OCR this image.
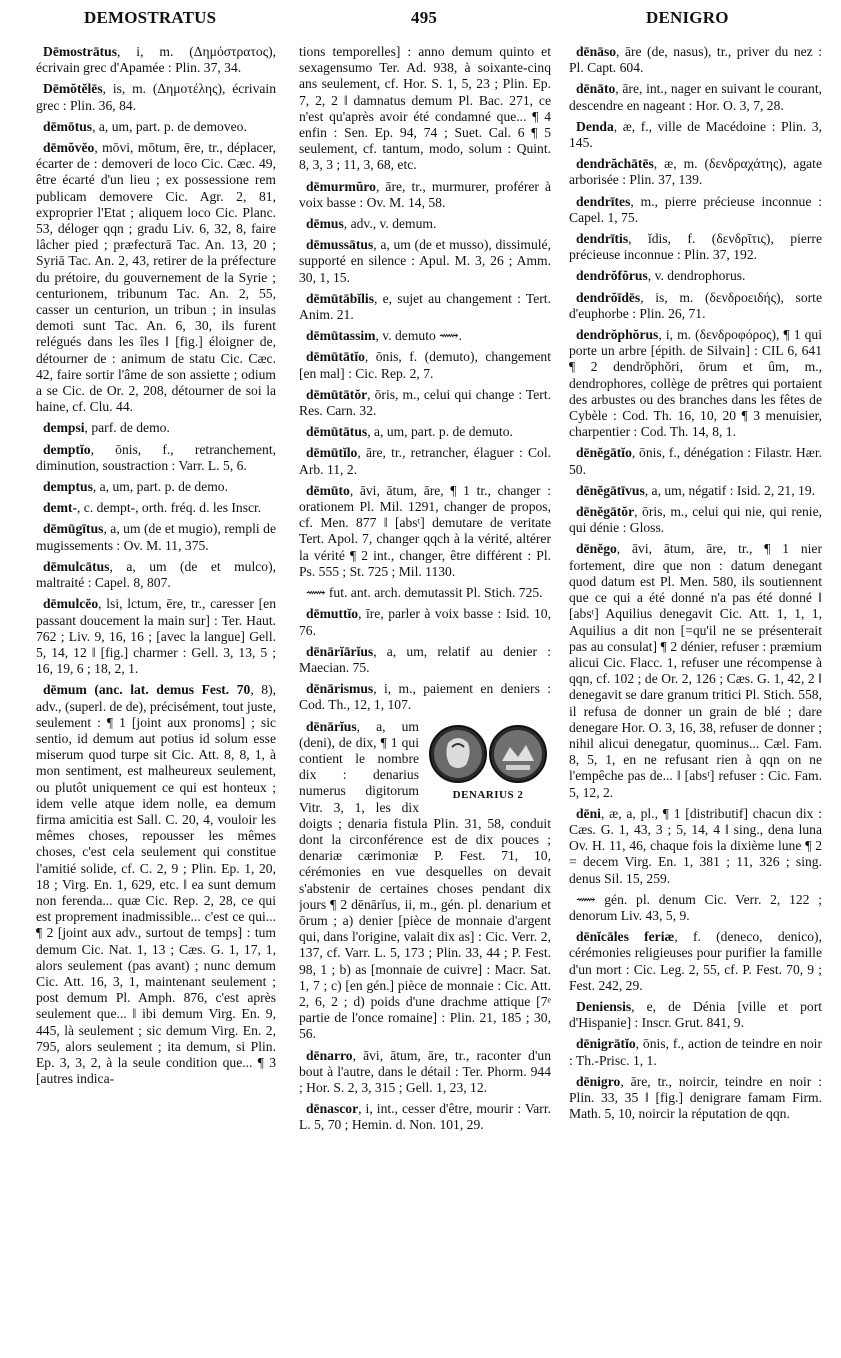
DEMOSTRATUS	495	DENIGRO

Dēmostrātus, i, m. (Δημόστρατος), écrivain grec d'Apamée : Plin. 37, 34.

Dēmŏtĕlēs, is, m. (Δημοτέλης), écrivain grec : Plin. 36, 84.

dēmōtus, a, um, part. p. de demoveo.

dēmŏvĕo, mōvi, mōtum, ēre, tr., déplacer, écarter de : demoveri de loco Cic. Cæc. 49, être écarté d'un lieu ; ex possessione rem publicam demovere Cic. Agr. 2, 81, exproprier l'Etat ; aliquem loco Cic. Planc. 53, déloger qqn ; gradu Liv. 6, 32, 8, faire lâcher pied ; præfecturā Tac. An. 13, 20 ; Syriā Tac. An. 2, 43, retirer de la préfecture du prétoire, du gouvernement de la Syrie ; centurionem, tribunum Tac. An. 2, 55, casser un centurion, un tribun ; in insulas demoti sunt Tac. An. 6, 30, ils furent relégués dans les îles ‖ [fig.] éloigner de, détourner de : animum de statu Cic. Cæc. 42, faire sortir l'âme de son assiette ; odium a se Cic. de Or. 2, 208, détourner de soi la haine, cf. Clu. 44.

dempsi, parf. de demo.

demptĭo, ōnis, f., retranchement, diminution, soustraction : Varr. L. 5, 6.

demptus, a, um, part. p. de demo.

demt-, c. dempt-, orth. fréq. d. les Inscr.

dēmūgītus, a, um (de et mugio), rempli de mugissements : Ov. M. 11, 375.

dēmulcātus, a, um (de et mulco), maltraité : Capel. 8, 807.

dēmulcĕo, lsi, lctum, ēre, tr., caresser [en passant doucement la main sur] : Ter. Haut. 762 ; Liv. 9, 16, 16 ; [avec la langue] Gell. 5, 14, 12 ‖ [fig.] charmer : Gell. 3, 13, 5 ; 16, 19, 6 ; 18, 2, 1.

dēmum (anc. lat. demus Fest. 70, 8), adv., (superl. de de), précisément, tout juste, seulement : ¶ 1 [joint aux pronoms] ; sic sentio, id demum aut potius id solum esse miserum quod turpe sit Cic. Att. 8, 8, 1, à mon sentiment, est malheureux seulement, ou plutôt uniquement ce qui est honteux ; idem velle atque idem nolle, ea demum firma amicitia est Sall. C. 20, 4, vouloir les mêmes choses, repousser les mêmes choses, c'est cela seulement qui constitue l'amitié solide, cf. C. 2, 9 ; Plin. Ep. 1, 20, 18 ; Virg. En. 1, 629, etc. ‖ ea sunt demum non ferenda... quæ Cic. Rep. 2, 28, ce qui est proprement inadmissible... c'est ce qui... ¶ 2 [joint aux adv., surtout de temps] : tum demum Cic. Nat. 1, 13 ; Cæs. G. 1, 17, 1, alors seulement (pas avant) ; nunc demum Cic. Att. 16, 3, 1, maintenant seulement ; post demum Pl. Amph. 876, c'est après seulement que... ‖ ibi demum Virg. En. 9, 445, là seulement ; sic demum Virg. En. 2, 795, alors seulement ; ita demum, si Plin. Ep. 3, 3, 2, à la seule condition que... ¶ 3 [autres indica-

tions temporelles] : anno demum quinto et sexagensumo Ter. Ad. 938, à soixante-cinq ans seulement, cf. Hor. S. 1, 5, 23 ; Plin. Ep. 7, 2, 2 ‖ damnatus demum Pl. Bac. 271, ce n'est qu'après avoir été condamné que... ¶ 4 enfin : Sen. Ep. 94, 74 ; Suet. Cal. 6 ¶ 5 seulement, cf. tantum, modo, solum : Quint. 8, 3, 3 ; 11, 3, 68, etc.

dēmurmŭro, āre, tr., murmurer, proférer à voix basse : Ov. M. 14, 58.

dēmus, adv., v. demum.

dēmussātus, a, um (de et musso), dissimulé, supporté en silence : Apul. M. 3, 26 ; Amm. 30, 1, 15.

dēmūtābĭlis, e, sujet au changement : Tert. Anim. 21.

dēmūtassim, v. demuto ⟿.

dēmūtātĭo, ōnis, f. (demuto), changement [en mal] : Cic. Rep. 2, 7.

dēmūtātŏr, ōris, m., celui qui change : Tert. Res. Carn. 32.

dēmūtātus, a, um, part. p. de demuto.

dēmūtĭlo, āre, tr., retrancher, élaguer : Col. Arb. 11, 2.

dēmūto, āvi, ātum, āre, ¶ 1 tr., changer : orationem Pl. Mil. 1291, changer de propos, cf. Men. 877 ‖ [absᵗ] demutare de veritate Tert. Apol. 7, changer qqch à la vérité, altérer la vérité ¶ 2 int., changer, être différent : Pl. Ps. 555 ; St. 725 ; Mil. 1130.

⟿ fut. ant. arch. demutassit Pl. Stich. 725.

dēmuttĭo, īre, parler à voix basse : Isid. 10, 76.

dēnārĭārĭus, a, um, relatif au denier : Maecian. 75.

dēnārismus, i, m., paiement en deniers : Cod. Th., 12, 1, 107.

DENARIUS 2

dēnārĭus, a, um (deni), de dix, ¶ 1 qui contient le nombre dix : denarius numerus digitorum Vitr. 3, 1, les dix doigts ; denaria fistula Plin. 31, 58, conduit dont la circonférence est de dix pouces ; denariæ cærimoniæ P. Fest. 71, 10, cérémonies en vue desquelles on devait s'abstenir de certaines choses pendant dix jours ¶ 2 dēnārĭus, ii, m., gén. pl. denarium et ōrum ; a) denier [pièce de monnaie d'argent qui, dans l'origine, valait dix as] : Cic. Verr. 2, 137, cf. Varr. L. 5, 173 ; Plin. 33, 44 ; P. Fest. 98, 1 ; b) as [monnaie de cuivre] : Macr. Sat. 1, 7 ; c) [en gén.] pièce de monnaie : Cic. Att. 2, 6, 2 ; d) poids d'une drachme attique [7ᵉ partie de l'once romaine] : Plin. 21, 185 ; 30, 56.

dēnarro, āvi, ātum, āre, tr., raconter d'un bout à l'autre, dans le détail : Ter. Phorm. 944 ; Hor. S. 2, 3, 315 ; Gell. 1, 23, 12.

dēnascor, i, int., cesser d'être, mourir : Varr. L. 5, 70 ; Hemin. d. Non. 101, 29.

dēnāso, āre (de, nasus), tr., priver du nez : Pl. Capt. 604.

dēnāto, āre, int., nager en suivant le courant, descendre en nageant : Hor. O. 3, 7, 28.

Denda, æ, f., ville de Macédoine : Plin. 3, 145.

dendrăchātēs, æ, m. (δενδραχάτης), agate arborisée : Plin. 37, 139.

dendrītes, m., pierre précieuse inconnue : Capel. 1, 75.

dendrītis, ĭdis, f. (δενδρῖτις), pierre précieuse inconnue : Plin. 37, 192.

dendrŏfŏrus, v. dendrophorus.

dendrŏīdēs, is, m. (δενδροειδής), sorte d'euphorbe : Plin. 26, 71.

dendrŏphŏrus, i, m. (δενδροφόρος), ¶ 1 qui porte un arbre [épith. de Silvain] : CIL 6, 641 ¶ 2 dendrŏphŏri, ōrum et ûm, m., dendrophores, collège de prêtres qui portaient des arbustes ou des branches dans les fêtes de Cybèle : Cod. Th. 16, 10, 20 ¶ 3 menuisier, charpentier : Cod. Th. 14, 8, 1.

dēnĕgātĭo, ōnis, f., dénégation : Filastr. Hær. 50.

dēnĕgātīvus, a, um, négatif : Isid. 2, 21, 19.

dēnĕgātŏr, ōris, m., celui qui nie, qui renie, qui dénie : Gloss.

dēnĕgo, āvi, ātum, āre, tr., ¶ 1 nier fortement, dire que non : datum denegant quod datum est Pl. Men. 580, ils soutiennent que ce qui a été donné n'a pas été donné ‖ [absᵗ] Aquilius denegavit Cic. Att. 1, 1, 1, Aquilius a dit non [=qu'il ne se présenterait pas au consulat] ¶ 2 dénier, refuser : præmium alicui Cic. Flacc. 1, refuser une récompense à qqn, cf. 102 ; de Or. 2, 126 ; Cæs. G. 1, 42, 2 ‖ denegavit se dare granum tritici Pl. Stich. 558, il refusa de donner un grain de blé ; dare denegare Hor. O. 3, 16, 38, refuser de donner ; nihil alicui denegatur, quominus... Cæl. Fam. 8, 5, 1, en ne refusant rien à qqn on ne l'empêche pas de... ‖ [absᵗ] refuser : Cic. Fam. 5, 12, 2.

dēni, æ, a, pl., ¶ 1 [distributif] chacun dix : Cæs. G. 1, 43, 3 ; 5, 14, 4 ‖ sing., dena luna Ov. H. 11, 46, chaque fois la dixième lune ¶ 2 = decem Virg. En. 1, 381 ; 11, 326 ; sing. denus Sil. 15, 259.

⟿ gén. pl. denum Cic. Verr. 2, 122 ; denorum Liv. 43, 5, 9.

dēnĭcāles feriæ, f. (deneco, denico), cérémonies religieuses pour purifier la famille d'un mort : Cic. Leg. 2, 55, cf. P. Fest. 70, 9 ; Fest. 242, 29.

Deniensis, e, de Dénia [ville et port d'Hispanie] : Inscr. Grut. 841, 9.

dēnigrātĭo, ōnis, f., action de teindre en noir : Th.-Prisc. 1, 1.

dēnigro, āre, tr., noircir, teindre en noir : Plin. 33, 35 ‖ [fig.] denigrare famam Firm. Math. 5, 10, noircir la réputation de qqn.
